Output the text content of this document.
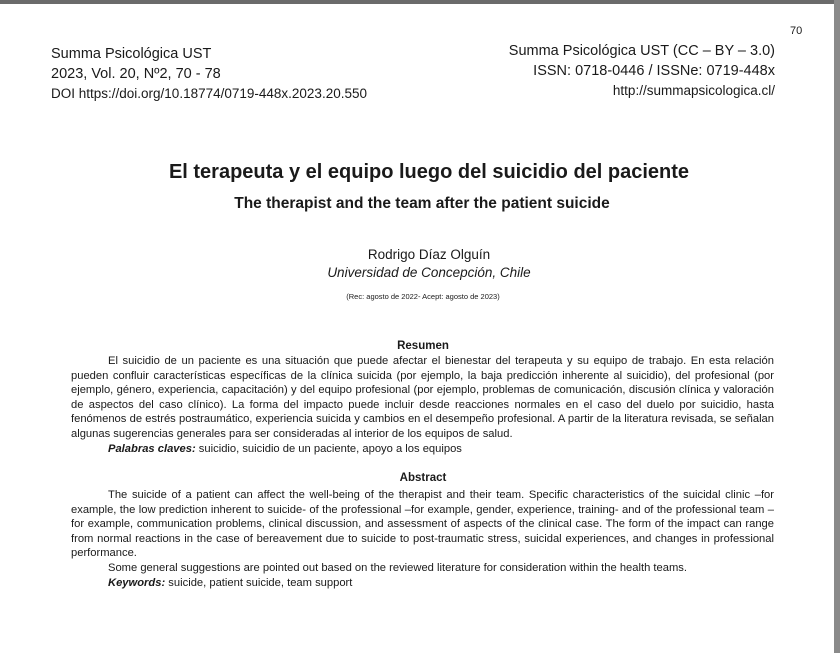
70
Summa Psicológica UST
2023, Vol. 20, Nº2, 70 - 78
DOI https://doi.org/10.18774/0719-448x.2023.20.550
Summa Psicológica UST (CC – BY – 3.0)
ISSN: 0718-0446 / ISSNe: 0719-448x
http://summapsicologica.cl/
El terapeuta y el equipo luego del suicidio del paciente
The therapist and the team after the patient suicide
Rodrigo Díaz Olguín
Universidad de Concepción, Chile
(Rec: agosto de 2022- Acept: agosto de 2023)
Resumen

El suicidio de un paciente es una situación que puede afectar el bienestar del terapeuta y su equipo de trabajo. En esta relación pueden confluir características específicas de la clínica suicida (por ejemplo, la baja predicción inherente al suicidio), del profesional (por ejemplo, género, experiencia, capacitación) y del equipo profesional (por ejemplo, problemas de comunicación, discusión clínica y valoración de aspectos del caso clínico). La forma del impacto puede incluir desde reacciones normales en el caso del duelo por suicidio, hasta fenómenos de estrés postraumático, experiencia suicida y cambios en el desempeño profesional. A partir de la literatura revisada, se señalan algunas sugerencias generales para ser consideradas al interior de los equipos de salud.

Palabras claves: suicidio, suicidio de un paciente, apoyo a los equipos

Abstract

The suicide of a patient can affect the well-being of the therapist and their team. Specific characteristics of the suicidal clinic –for example, the low prediction inherent to suicide- of the professional –for example, gender, experience, training- and of the professional team –for example, communication problems, clinical discussion, and assessment of aspects of the clinical case. The form of the impact can range from normal reactions in the case of bereavement due to suicide to post-traumatic stress, suicidal experiences, and changes in professional performance.

Some general suggestions are pointed out based on the reviewed literature for consideration within the health teams.

Keywords: suicide, patient suicide, team support
